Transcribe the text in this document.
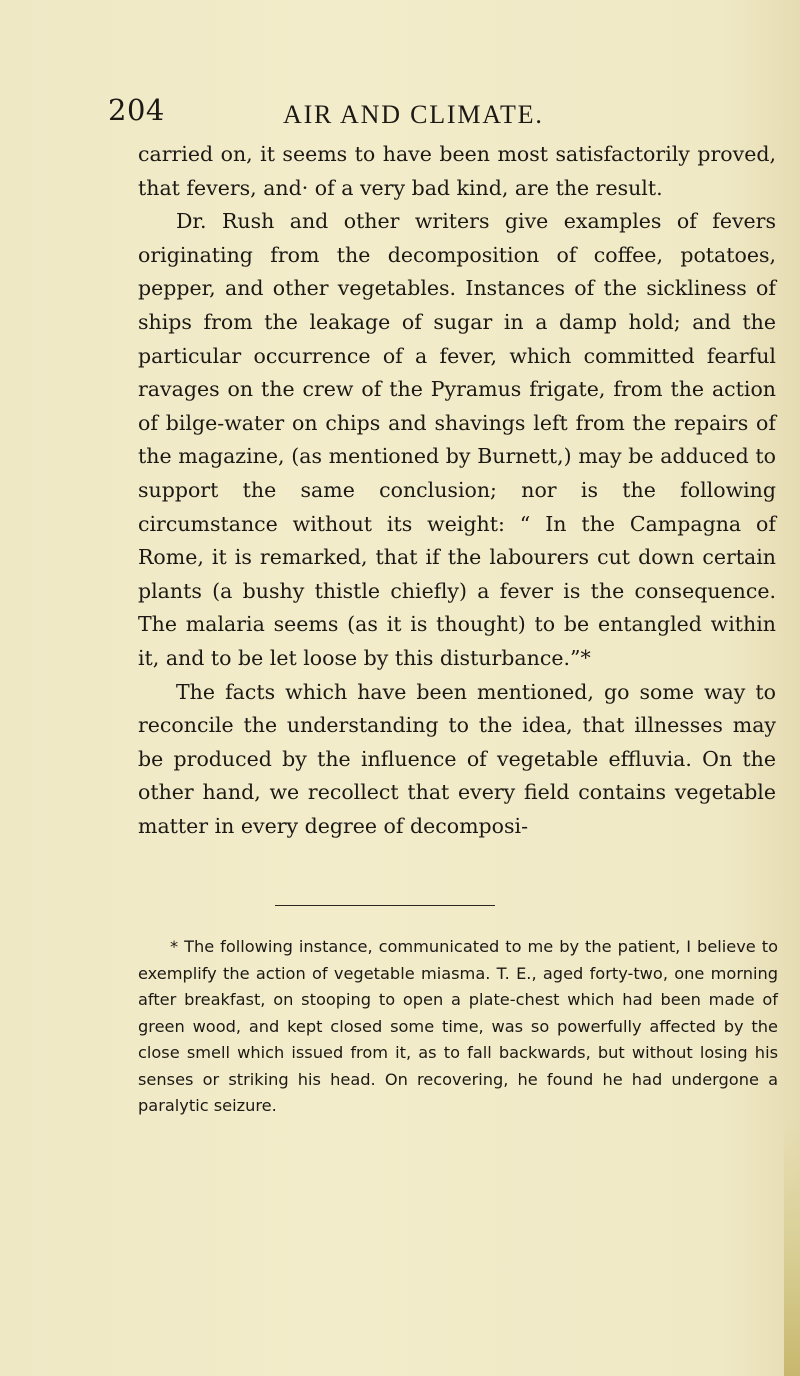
204	AIR AND CLIMATE.

carried on, it seems to have been most satisfactorily proved, that fevers, and· of a very bad kind, are the result.

Dr. Rush and other writers give examples of fevers originating from the decomposition of coffee, potatoes, pepper, and other vegetables. Instances of the sickliness of ships from the leakage of sugar in a damp hold; and the particular occurrence of a fever, which committed fearful ravages on the crew of the Pyramus frigate, from the action of bilge-water on chips and shavings left from the repairs of the magazine, (as mentioned by Burnett,) may be adduced to support the same conclusion; nor is the following circumstance without its weight: “ In the Campagna of Rome, it is remarked, that if the labourers cut down certain plants (a bushy thistle chiefly) a fever is the consequence. The malaria seems (as it is thought) to be entangled within it, and to be let loose by this disturbance.”*

The facts which have been mentioned, go some way to reconcile the understanding to the idea, that illnesses may be produced by the influence of vegetable effluvia. On the other hand, we recollect that every field contains vegetable matter in every degree of decomposi-

* The following instance, communicated to me by the patient, I believe to exemplify the action of vegetable miasma. T. E., aged forty-two, one morning after breakfast, on stooping to open a plate-chest which had been made of green wood, and kept closed some time, was so powerfully affected by the close smell which issued from it, as to fall backwards, but without losing his senses or striking his head. On recovering, he found he had undergone a paralytic seizure.
